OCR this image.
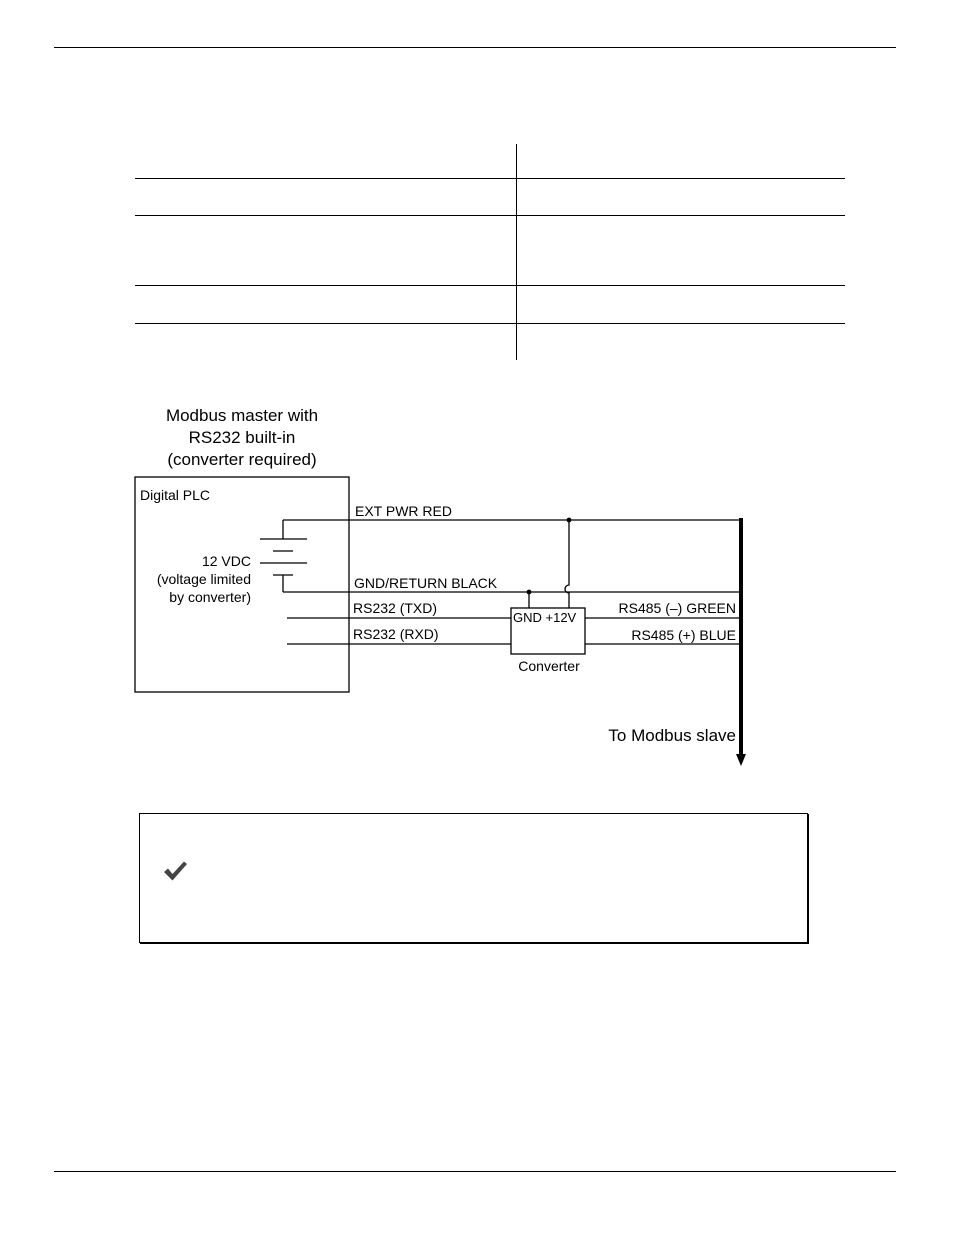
Modbus master with
RS232 built-in
(converter required)
Digital PLC
12 VDC
(voltage limited
by converter)
GND +12V
Converter
EXT PWR RED
GND/RETURN BLACK
RS232 (TXD)
RS232 (RXD)
RS485 (–) GREEN
RS485 (+) BLUE
To Modbus slave
